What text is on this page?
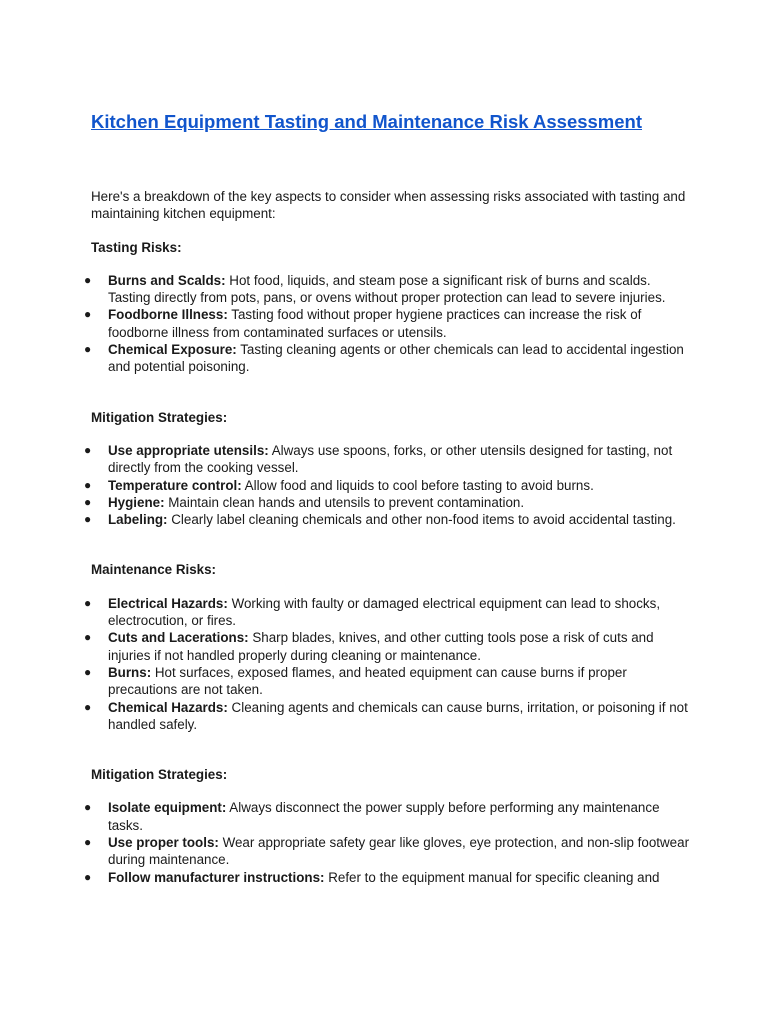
Kitchen Equipment Tasting and Maintenance Risk Assessment

Here's a breakdown of the key aspects to consider when assessing risks associated with tasting and maintaining kitchen equipment:

Tasting Risks:

● Burns and Scalds: Hot food, liquids, and steam pose a significant risk of burns and scalds. Tasting directly from pots, pans, or ovens without proper protection can lead to severe injuries.
● Foodborne Illness: Tasting food without proper hygiene practices can increase the risk of foodborne illness from contaminated surfaces or utensils.
● Chemical Exposure: Tasting cleaning agents or other chemicals can lead to accidental ingestion and potential poisoning.

Mitigation Strategies:

● Use appropriate utensils: Always use spoons, forks, or other utensils designed for tasting, not directly from the cooking vessel.
● Temperature control: Allow food and liquids to cool before tasting to avoid burns.
● Hygiene: Maintain clean hands and utensils to prevent contamination.
● Labeling: Clearly label cleaning chemicals and other non-food items to avoid accidental tasting.

Maintenance Risks:

● Electrical Hazards: Working with faulty or damaged electrical equipment can lead to shocks, electrocution, or fires.
● Cuts and Lacerations: Sharp blades, knives, and other cutting tools pose a risk of cuts and injuries if not handled properly during cleaning or maintenance.
● Burns: Hot surfaces, exposed flames, and heated equipment can cause burns if proper precautions are not taken.
● Chemical Hazards: Cleaning agents and chemicals can cause burns, irritation, or poisoning if not handled safely.

Mitigation Strategies:

● Isolate equipment: Always disconnect the power supply before performing any maintenance tasks.
● Use proper tools: Wear appropriate safety gear like gloves, eye protection, and non-slip footwear during maintenance.
● Follow manufacturer instructions: Refer to the equipment manual for specific cleaning and
